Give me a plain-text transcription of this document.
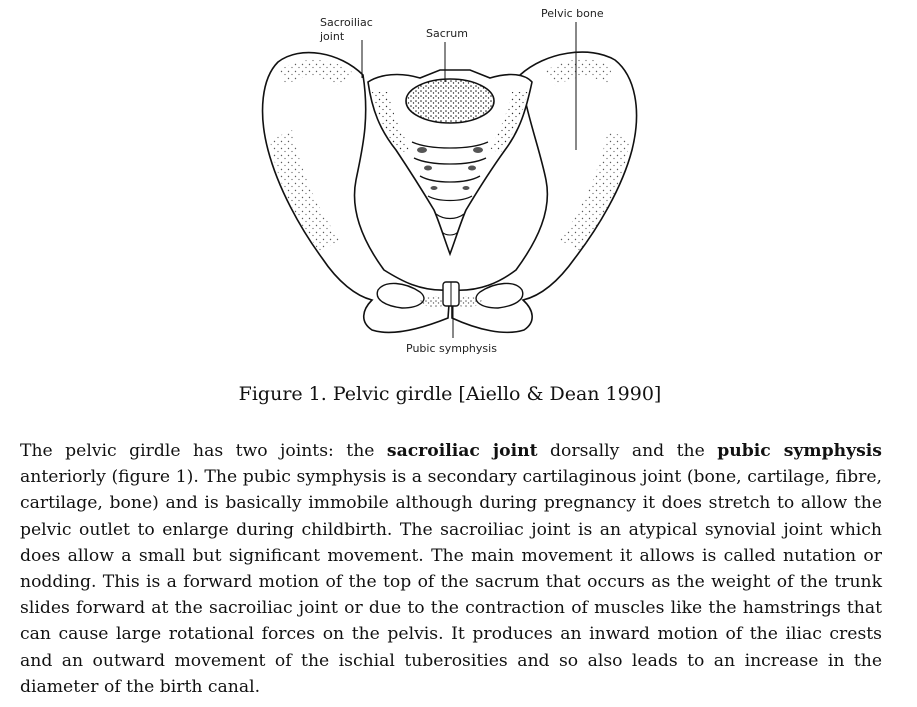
Sacroiliac
joint	Sacrum
Pelvic bone
Pubic symphysis
Figure 1. Pelvic girdle [Aiello & Dean 1990]

The pelvic girdle has two joints: the sacroiliac joint dorsally and the pubic symphysis anteriorly (figure 1). The pubic symphysis is a secondary cartilaginous joint (bone, cartilage, fibre, cartilage, bone) and is basically immobile although during pregnancy it does stretch to allow the pelvic outlet to enlarge during childbirth. The sacroiliac joint is an atypical synovial joint which does allow a small but significant movement. The main movement it allows is called nutation or nodding. This is a forward motion of the top of the sacrum that occurs as the weight of the trunk slides forward at the sacroiliac joint or due to the contraction of muscles like the hamstrings that can cause large rotational forces on the pelvis. It produces an inward motion of the iliac crests and an outward movement of the ischial tuberosities and so also leads to an increase in the diameter of the birth canal.
